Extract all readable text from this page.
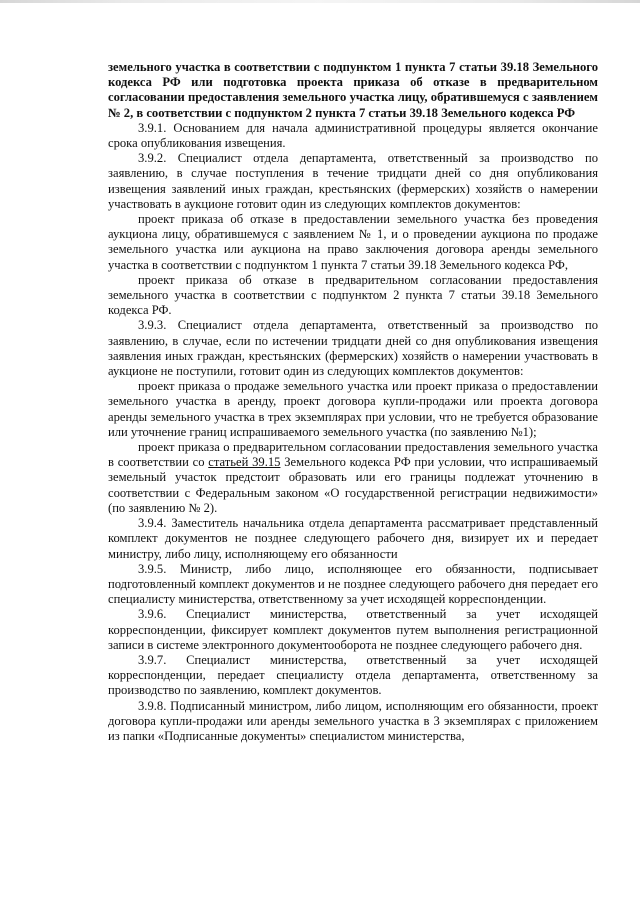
земельного участка в соответствии с подпунктом 1 пункта 7 статьи 39.18 Земельного кодекса РФ или подготовка проекта приказа об отказе в предварительном согласовании предоставления земельного участка лицу, обратившемуся с заявлением № 2, в соответствии с подпунктом 2 пункта 7 статьи 39.18 Земельного кодекса РФ

3.9.1. Основанием для начала административной процедуры является окончание срока опубликования извещения.

3.9.2. Специалист отдела департамента, ответственный за производство по заявлению, в случае поступления в течение тридцати дней со дня опубликования извещения заявлений иных граждан, крестьянских (фермерских) хозяйств о намерении участвовать в аукционе готовит один из следующих комплектов документов:

проект приказа об отказе в предоставлении земельного участка без проведения аукциона лицу, обратившемуся с заявлением № 1, и о проведении аукциона по продаже земельного участка или аукциона на право заключения договора аренды земельного участка в соответствии с подпунктом 1 пункта 7 статьи 39.18 Земельного кодекса РФ,

проект приказа об отказе в предварительном согласовании предоставления земельного участка в соответствии с подпунктом 2 пункта 7 статьи 39.18 Земельного кодекса РФ.

3.9.3. Специалист отдела департамента, ответственный за производство по заявлению, в случае, если по истечении тридцати дней со дня опубликования извещения заявления иных граждан, крестьянских (фермерских) хозяйств о намерении участвовать в аукционе не поступили, готовит один из следующих комплектов документов:

проект приказа о продаже земельного участка или проект приказа о предоставлении земельного участка в аренду, проект договора купли-продажи или проекта договора аренды земельного участка в трех экземплярах при условии, что не требуется образование или уточнение границ испрашиваемого земельного участка (по заявлению №1);

проект приказа о предварительном согласовании предоставления земельного участка в соответствии со статьей 39.15 Земельного кодекса РФ при условии, что испрашиваемый земельный участок предстоит образовать или его границы подлежат уточнению в соответствии с Федеральным законом «О государственной регистрации недвижимости» (по заявлению № 2).

3.9.4. Заместитель начальника отдела департамента рассматривает представленный комплект документов не позднее следующего рабочего дня, визирует их и передает министру, либо лицу, исполняющему его обязанности

3.9.5. Министр, либо лицо, исполняющее его обязанности, подписывает подготовленный комплект документов и не позднее следующего рабочего дня передает его специалисту министерства, ответственному за учет исходящей корреспонденции.

3.9.6. Специалист министерства, ответственный за учет исходящей корреспонденции, фиксирует комплект документов путем выполнения регистрационной записи в системе электронного документооборота не позднее следующего рабочего дня.

3.9.7. Специалист министерства, ответственный за учет исходящей корреспонденции, передает специалисту отдела департамента, ответственному за производство по заявлению, комплект документов.

3.9.8. Подписанный министром, либо лицом, исполняющим его обязанности, проект договора купли-продажи или аренды земельного участка в 3 экземплярах с приложением из папки «Подписанные документы» специалистом министерства,
